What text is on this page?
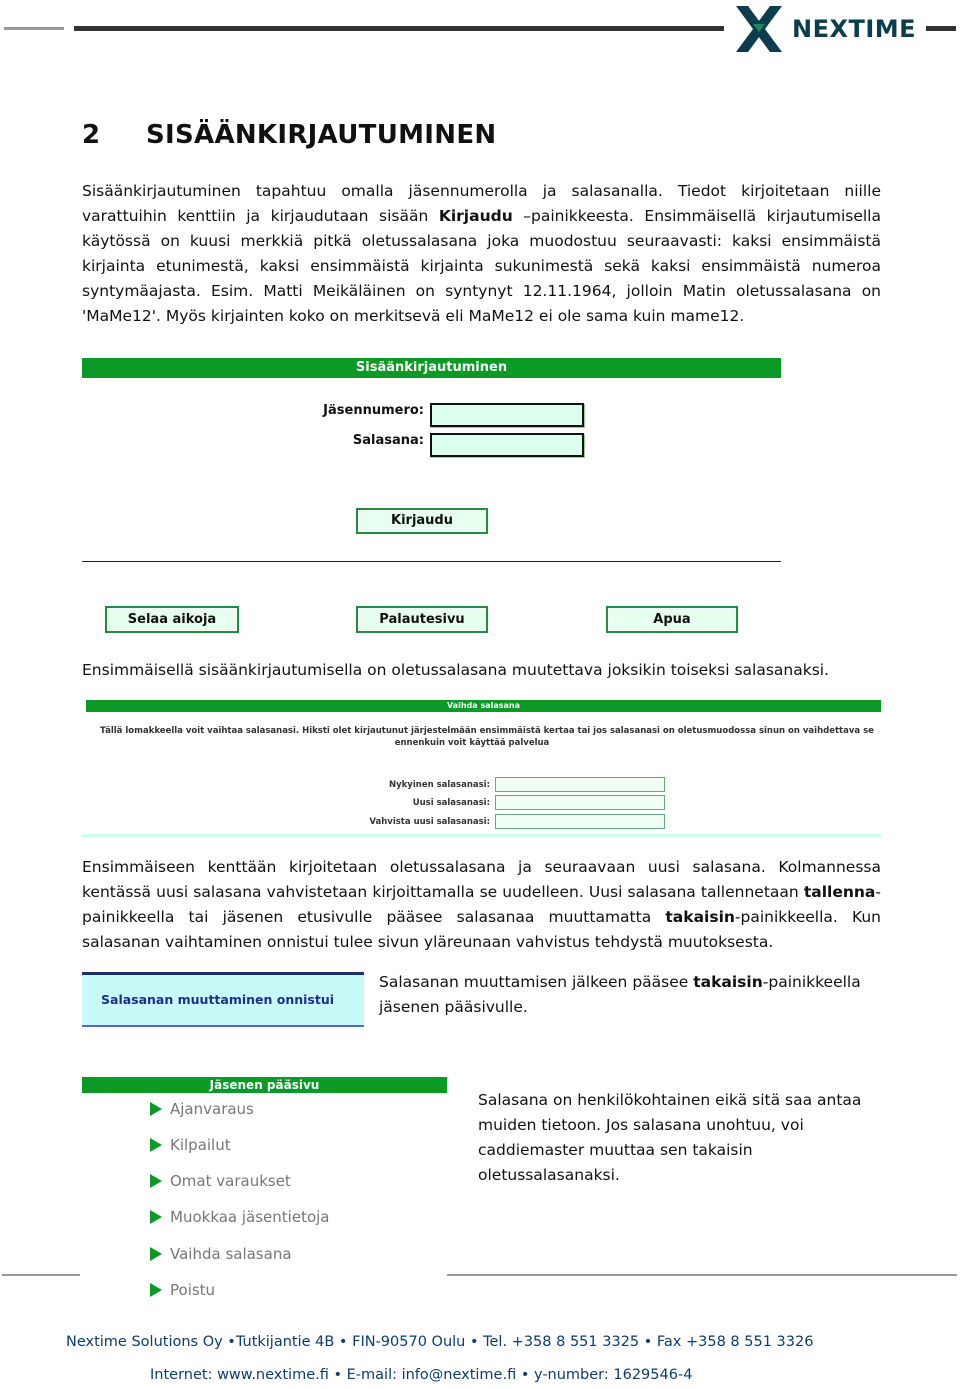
NEXTIME
2 SISÄÄNKIRJAUTUMINEN

Sisäänkirjautuminen tapahtuu omalla jäsennumerolla ja salasanalla. Tiedot kirjoitetaan niille varattuihin kenttiin ja kirjaudutaan sisään Kirjaudu –painikkeesta. Ensimmäisellä kirjautumisella käytössä on kuusi merkkiä pitkä oletussalasana joka muodostuu seuraavasti: kaksi ensimmäistä kirjainta etunimestä, kaksi ensimmäistä kirjainta sukunimestä sekä kaksi ensimmäistä numeroa syntymäajasta. Esim. Matti Meikäläinen on syntynyt 12.11.1964, jolloin Matin oletussalasana on 'MaMe12'. Myös kirjainten koko on merkitsevä eli MaMe12 ei ole sama kuin mame12.

Sisäänkirjautuminen
Jäsennumero:
Salasana:
Kirjaudu
Selaa aikoja	Palautesivu	Apua

Ensimmäisellä sisäänkirjautumisella on oletussalasana muutettava joksikin toiseksi salasanaksi.

Vaihda salasana
Tällä lomakkeella voit vaihtaa salasanasi. Hiksti olet kirjautunut järjestelmään ensimmäistä kertaa tai jos salasanasi on oletusmuodossa sinun on vaihdettava se
ennenkuin voit käyttää palvelua
Nykyinen salasanasi:
Uusi salasanasi:
Vahvista uusi salasanasi:

Ensimmäiseen kenttään kirjoitetaan oletussalasana ja seuraavaan uusi salasana. Kolmannessa kentässä uusi salasana vahvistetaan kirjoittamalla se uudelleen. Uusi salasana tallennetaan tallenna-painikkeella tai jäsenen etusivulle pääsee salasanaa muuttamatta takaisin-painikkeella. Kun salasanan vaihtaminen onnistui tulee sivun yläreunaan vahvistus tehdystä muutoksesta.

Salasanan muuttaminen onnistui

Salasanan muuttamisen jälkeen pääsee takaisin-painikkeella jäsenen pääsivulle.

Jäsenen pääsivu
Ajanvaraus
Kilpailut
Omat varaukset
Muokkaa jäsentietoja
Vaihda salasana
Poistu

Salasana on henkilökohtainen eikä sitä saa antaa muiden tietoon. Jos salasana unohtuu, voi caddiemaster muuttaa sen takaisin oletussalasanaksi.

Nextime Solutions Oy •Tutkijantie 4B • FIN-90570 Oulu • Tel. +358 8 551 3325 • Fax +358 8 551 3326
Internet: www.nextime.fi • E-mail: info@nextime.fi • y-number: 1629546-4
